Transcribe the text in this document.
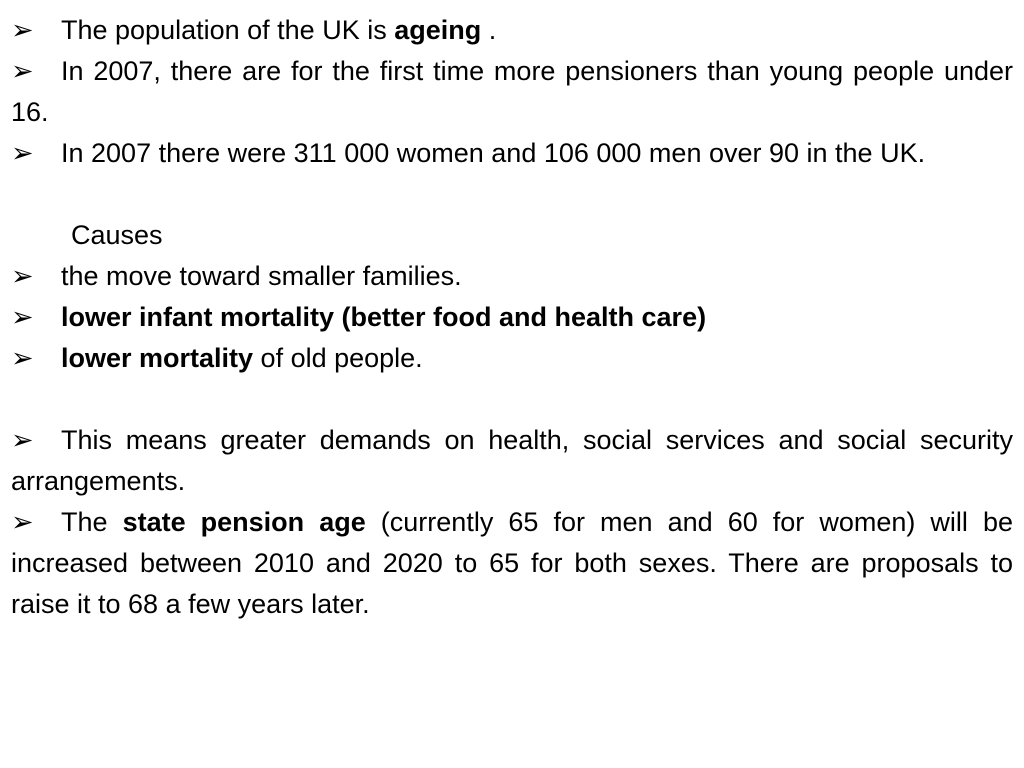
➢ The population of the UK is ageing .

➢ In 2007, there are for the first time more pensioners than young people under 16.

➢ In 2007 there were 311 000 women and 106 000 men over 90 in the UK.

Causes

➢ the move toward smaller families.

➢ lower infant mortality (better food and health care)

➢ lower mortality of old people.

➢ This means greater demands on health, social services and social security arrangements.

➢ The state pension age (currently 65 for men and 60 for women) will be increased between 2010 and 2020 to 65 for both sexes. There are proposals to raise it to 68 a few years later.
